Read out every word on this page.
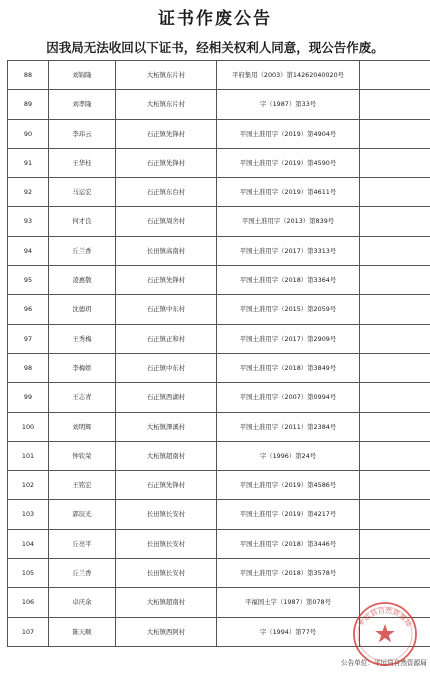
证书作废公告
因我局无法收回以下证书，经相关权利人同意，现公告作废。
88	刘锦隆	大柘镇东片村	平府集用（2003）第14262040020号	
89	刘孝隆	大柘镇东片村	字（1987）第33号	
90	李玮云	石正镇先锋村	平国土准用字（2019）第4904号	
91	王华桂	石正镇先锋村	平国土准用字（2019）第4590号	
92	马运宏	石正镇东台村	平国土准用字（2019）第4611号	
93	何才良	石正镇周舍村	平国土准用字（2013）第839号	
94	丘兰香	长田镇高南村	平国土准用字（2017）第3313号	
95	凌惠敬	石正镇先锋村	平国土准用字（2018）第3364号	
96	沈德玥	石正镇中东村	平国土准用字（2015）第2059号	
97	王秀梅	石正镇正和村	平国土准用字（2017）第2909号	
98	李梅娇	石正镇中东村	平国土准用字（2018）第3849号	
99	王志青	石正镇西湖村	平国土准用字（2007）第0994号	
100	刘明辉	大柘镇澤溪村	平国土准用字（2011）第2384号	
101	钟钦荣	大柘镇超南村	字（1996）第24号	
102	王铭宏	石正镇先锋村	平国土准用字（2019）第4586号	
103	郭辰光	长田镇长安村	平国土准用字（2019）第4217号	
104	丘亮平	长田镇长安村	平国土准用字（2018）第3446号	
105	丘兰香	长田镇长安村	平国土准用字（2018）第3578号	
106	卓庆余	大柘镇超南村	平福国土字（1987）第078号	
107	陈天顺	大柘镇西阿村	字（1994）第77号	
公告单位：平远县自然资源局
平远县自然资源局
